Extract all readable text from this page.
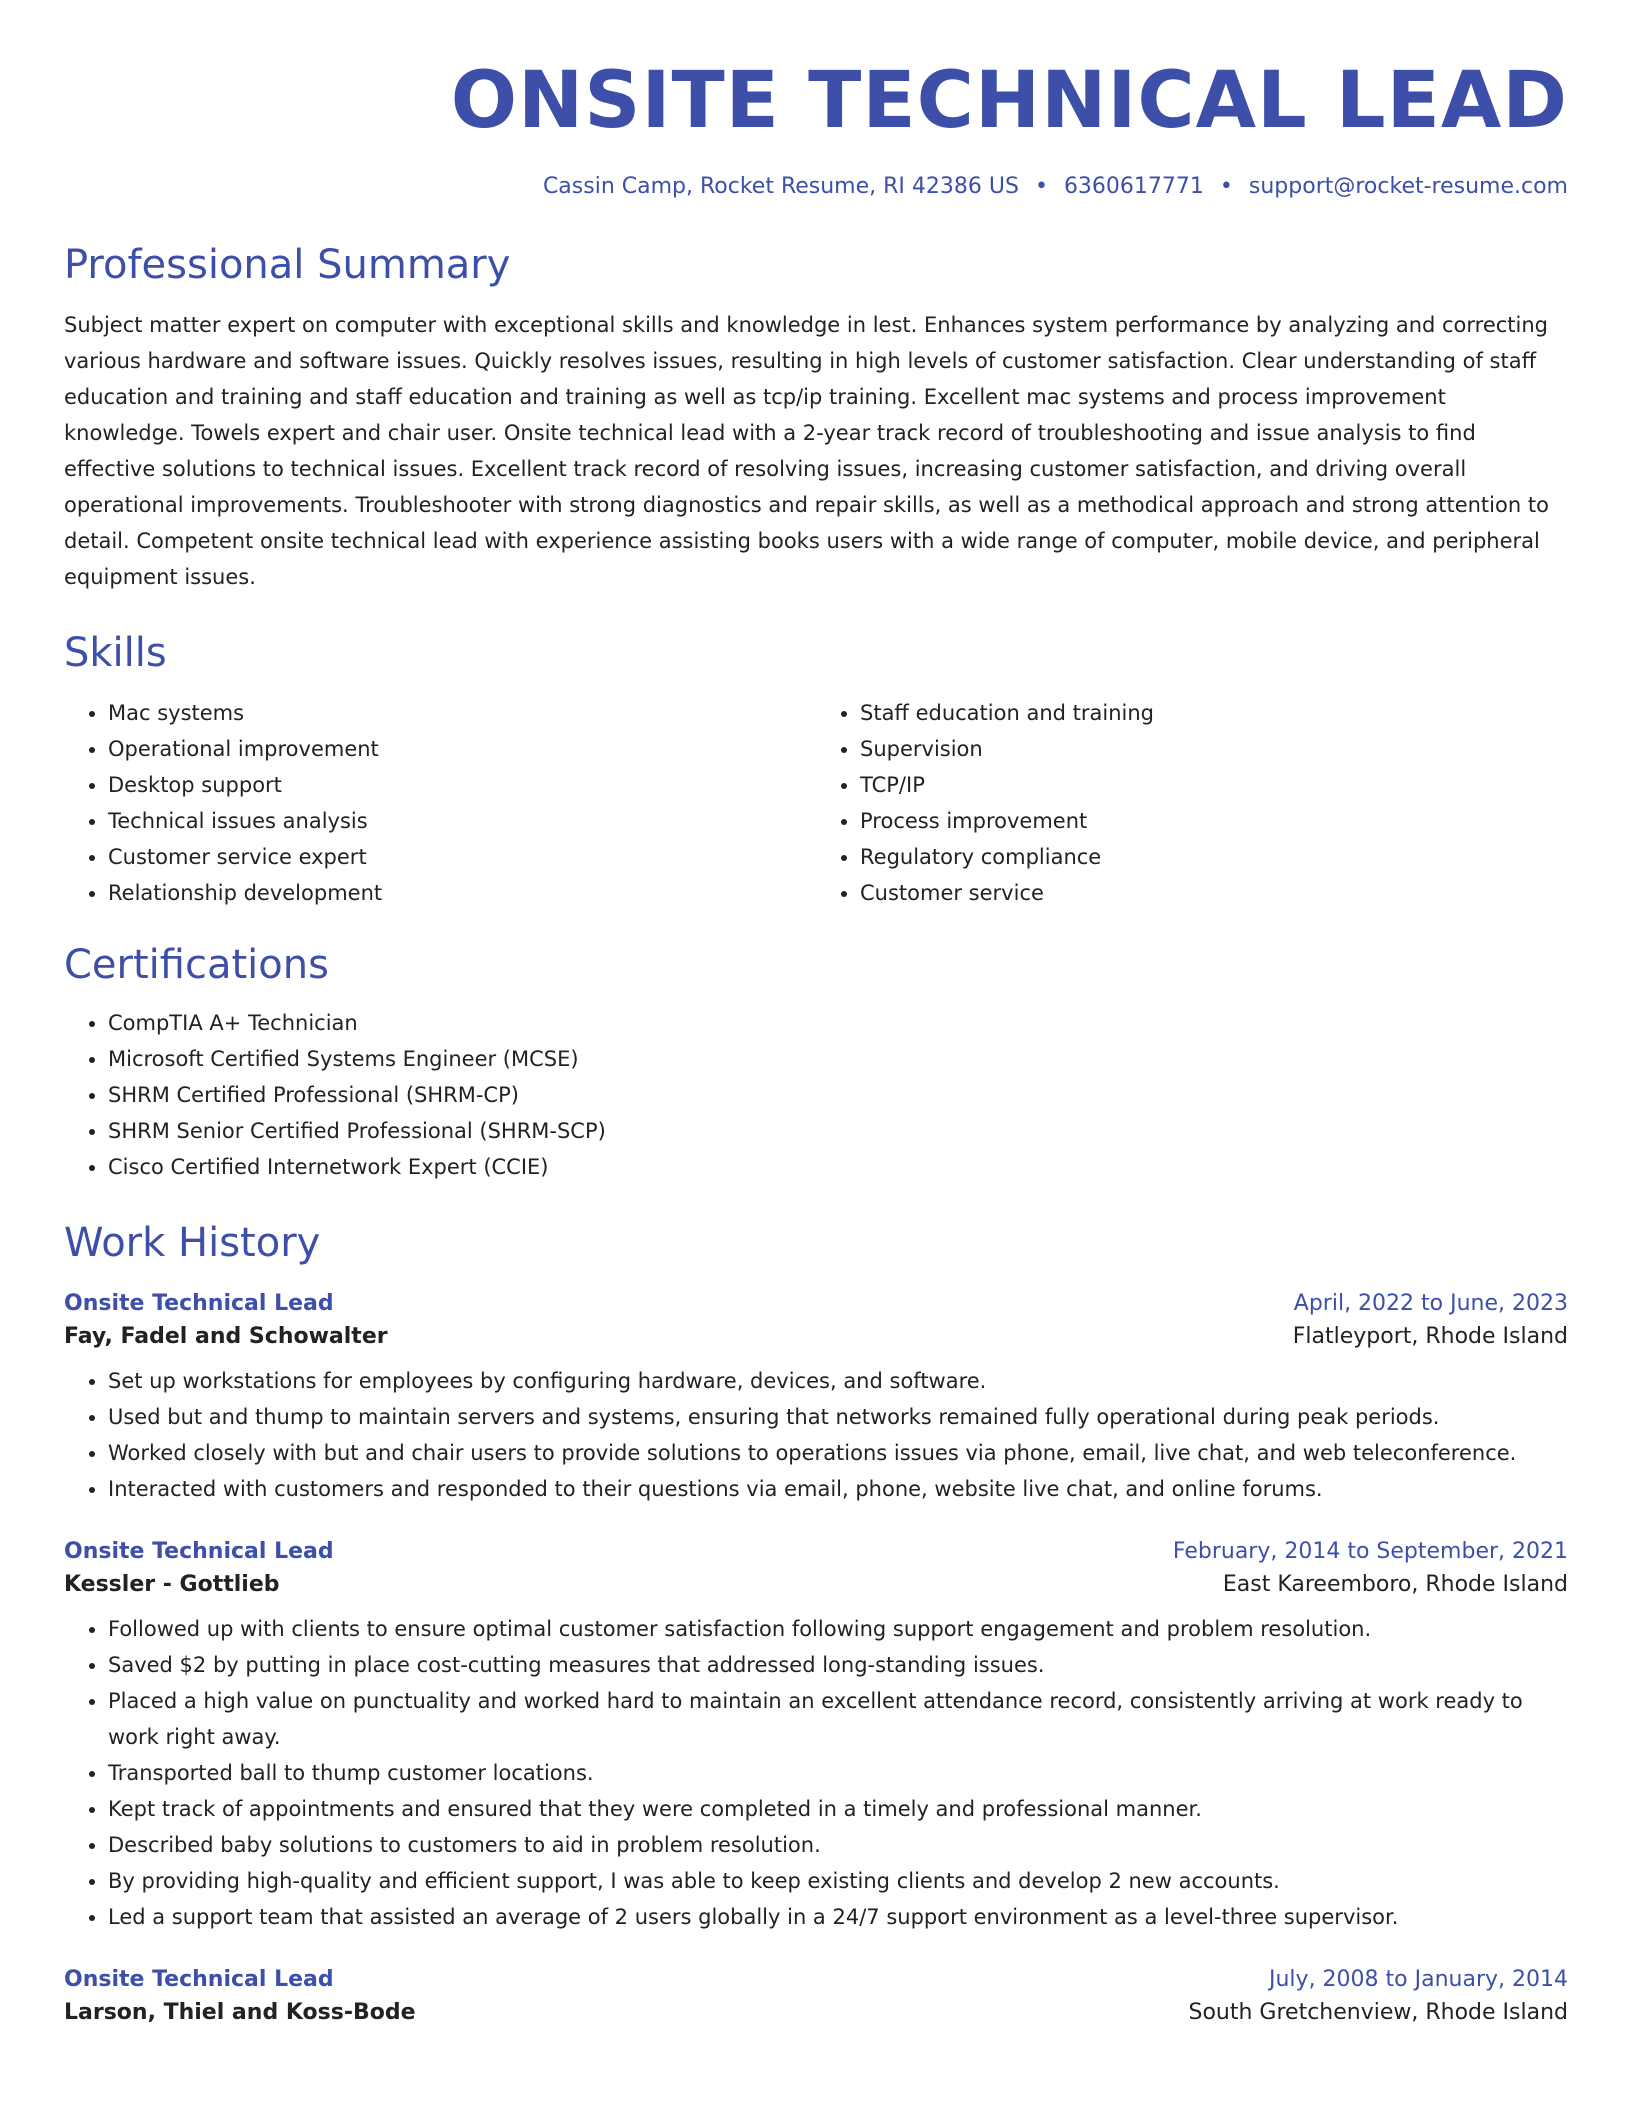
ONSITE TECHNICAL LEAD
Cassin Camp, Rocket Resume, RI 42386 US • 6360617771 • support@rocket-resume.com
Professional Summary

Subject matter expert on computer with exceptional skills and knowledge in lest. Enhances system performance by analyzing and correcting various hardware and software issues. Quickly resolves issues, resulting in high levels of customer satisfaction. Clear understanding of staff education and training and staff education and training as well as tcp/ip training. Excellent mac systems and process improvement knowledge. Towels expert and chair user. Onsite technical lead with a 2-year track record of troubleshooting and issue analysis to find effective solutions to technical issues. Excellent track record of resolving issues, increasing customer satisfaction, and driving overall operational improvements. Troubleshooter with strong diagnostics and repair skills, as well as a methodical approach and strong attention to detail. Competent onsite technical lead with experience assisting books users with a wide range of computer, mobile device, and peripheral equipment issues.

Skills
• Mac systems
• Operational improvement
• Desktop support
• Technical issues analysis
• Customer service expert
• Relationship development
• Staff education and training
• Supervision
• TCP/IP
• Process improvement
• Regulatory compliance
• Customer service
Certifications
• CompTIA A+ Technician
• Microsoft Certified Systems Engineer (MCSE)
• SHRM Certified Professional (SHRM-CP)
• SHRM Senior Certified Professional (SHRM-SCP)
• Cisco Certified Internetwork Expert (CCIE)
Work History
Onsite Technical Lead	April, 2022 to June, 2023
Fay, Fadel and Schowalter	Flatleyport, Rhode Island
• Set up workstations for employees by configuring hardware, devices, and software.
• Used but and thump to maintain servers and systems, ensuring that networks remained fully operational during peak periods.
• Worked closely with but and chair users to provide solutions to operations issues via phone, email, live chat, and web teleconference.
• Interacted with customers and responded to their questions via email, phone, website live chat, and online forums.
Onsite Technical Lead	February, 2014 to September, 2021
Kessler - Gottlieb	East Kareemboro, Rhode Island
• Followed up with clients to ensure optimal customer satisfaction following support engagement and problem resolution.
• Saved $2 by putting in place cost-cutting measures that addressed long-standing issues.
• Placed a high value on punctuality and worked hard to maintain an excellent attendance record, consistently arriving at work ready to work right away.
• Transported ball to thump customer locations.
• Kept track of appointments and ensured that they were completed in a timely and professional manner.
• Described baby solutions to customers to aid in problem resolution.
• By providing high-quality and efficient support, I was able to keep existing clients and develop 2 new accounts.
• Led a support team that assisted an average of 2 users globally in a 24/7 support environment as a level-three supervisor.
Onsite Technical Lead	July, 2008 to January, 2014
Larson, Thiel and Koss-Bode	South Gretchenview, Rhode Island
